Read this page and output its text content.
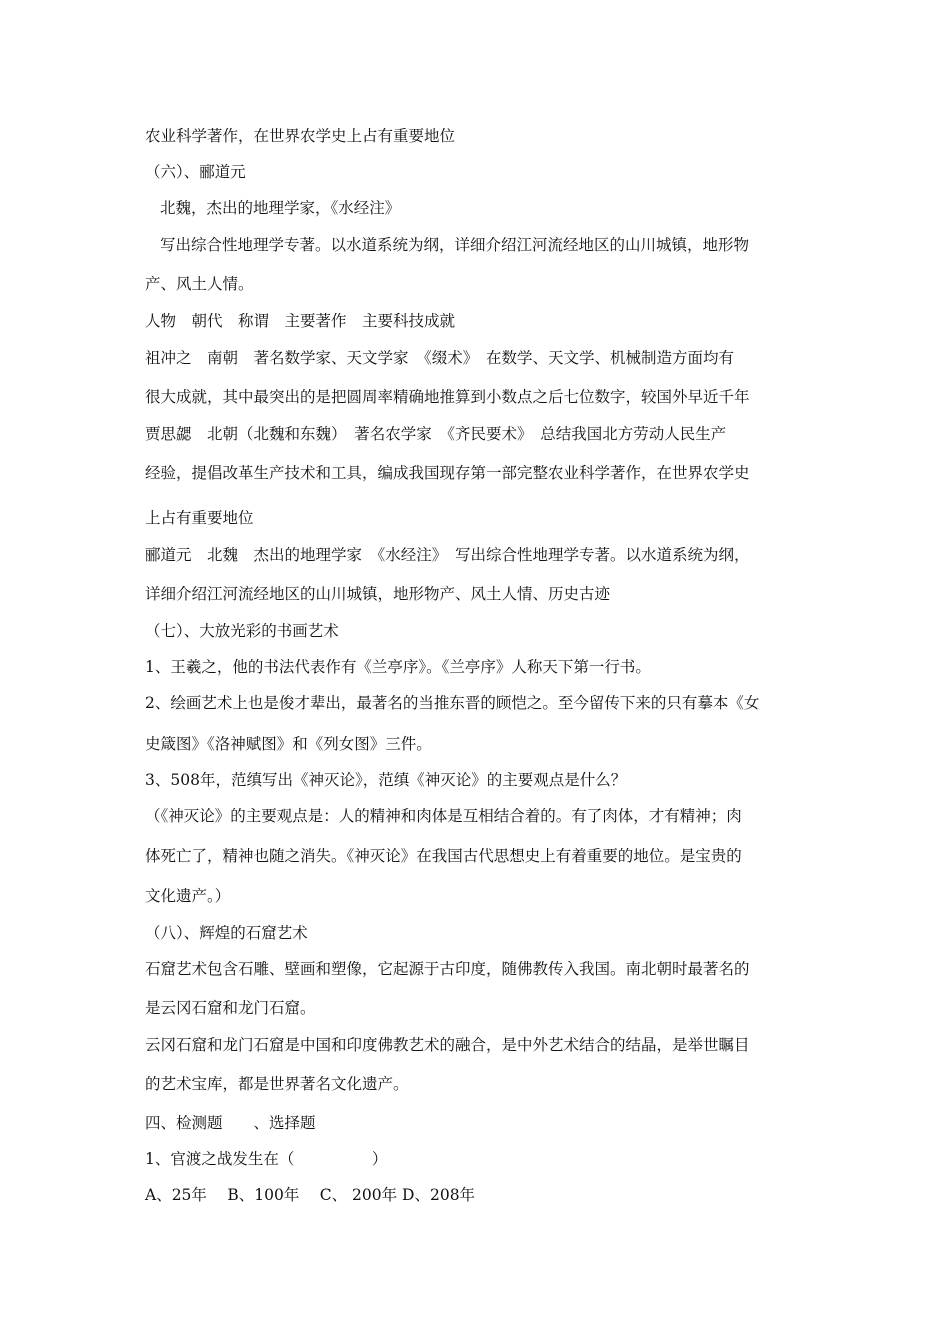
农业科学著作，在世界农学史上占有重要地位
（六）、郦道元
北魏，杰出的地理学家，《水经注》
写出综合性地理学专著。以水道系统为纲，详细介绍江河流经地区的山川城镇，地形物
产、风土人情。
人物　朝代　称谓　主要著作　主要科技成就
祖冲之　南朝　著名数学家、天文学家　《缀术》　在数学、天文学、机械制造方面均有
很大成就，其中最突出的是把圆周率精确地推算到小数点之后七位数字，较国外早近千年
贾思勰　北朝（北魏和东魏）　著名农学家　《齐民要术》　总结我国北方劳动人民生产
经验，提倡改革生产技术和工具，编成我国现存第一部完整农业科学著作，在世界农学史
上占有重要地位
郦道元　北魏　杰出的地理学家　《水经注》　写出综合性地理学专著。以水道系统为纲，
详细介绍江河流经地区的山川城镇，地形物产、风土人情、历史古迹
（七）、大放光彩的书画艺术
1、王羲之，他的书法代表作有《兰亭序》。《兰亭序》人称天下第一行书。
2、绘画艺术上也是俊才辈出，最著名的当推东晋的顾恺之。至今留传下来的只有摹本《女
史箴图》《洛神赋图》和《列女图》三件。
3、508年，范缜写出《神灭论》，范缜《神灭论》的主要观点是什么？
（《神灭论》的主要观点是：人的精神和肉体是互相结合着的。有了肉体，才有精神；肉
体死亡了，精神也随之消失。《神灭论》在我国古代思想史上有着重要的地位。是宝贵的
文化遗产。）
（八）、辉煌的石窟艺术
石窟艺术包含石雕、壁画和塑像，它起源于古印度，随佛教传入我国。南北朝时最著名的
是云冈石窟和龙门石窟。
云冈石窟和龙门石窟是中国和印度佛教艺术的融合，是中外艺术结合的结晶，是举世瞩目
的艺术宝库，都是世界著名文化遗产。
四、检测题　　、选择题
1、官渡之战发生在（　　　　　）
A、25年　 B、100年　 C、 200年 D、208年
